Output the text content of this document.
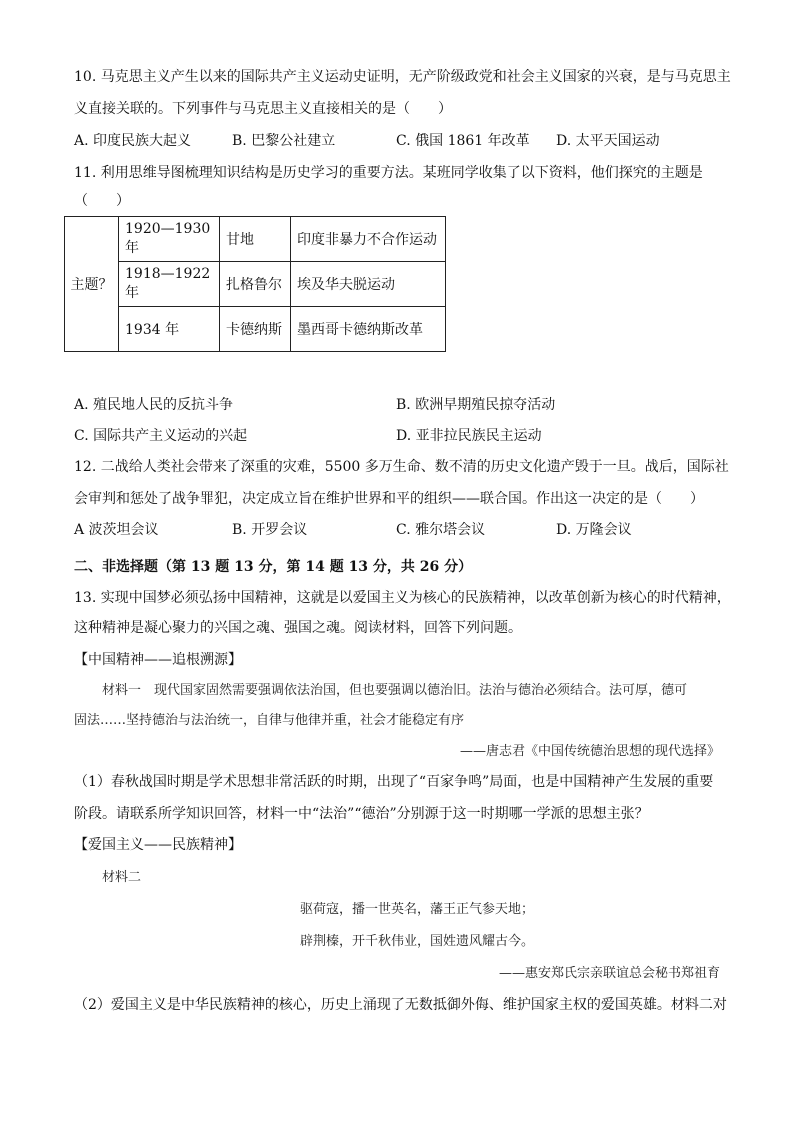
10. 马克思主义产生以来的国际共产主义运动史证明，无产阶级政党和社会主义国家的兴衰，是与马克思主
义直接关联的。下列事件与马克思主义直接相关的是（　　）
A. 印度民族大起义	B. 巴黎公社建立	C. 俄国 1861 年改革 D. 太平天国运动
11. 利用思维导图梳理知识结构是历史学习的重要方法。某班同学收集了以下资料，他们探究的主题是
（　　）
主题？	1920—1930 年	甘地	印度非暴力不合作运动
	1918—1922 年	扎格鲁尔	埃及华夫脱运动
	1934 年	卡德纳斯	墨西哥卡德纳斯改革
A. 殖民地人民的反抗斗争	B. 欧洲早期殖民掠夺活动
C. 国际共产主义运动的兴起	D. 亚非拉民族民主运动
12. 二战给人类社会带来了深重的灾难，5500 多万生命、数不清的历史文化遗产毁于一旦。战后，国际社
会审判和惩处了战争罪犯，决定成立旨在维护世界和平的组织——联合国。作出这一决定的是（　　）
A 波茨坦会议	B. 开罗会议	C. 雅尔塔会议	D. 万隆会议
二、非选择题（第 13 题 13 分，第 14 题 13 分，共 26 分）
13. 实现中国梦必须弘扬中国精神，这就是以爱国主义为核心的民族精神，以改革创新为核心的时代精神，
这种精神是凝心聚力的兴国之魂、强国之魂。阅读材料，回答下列问题。
【中国精神——追根溯源】
材料一　现代国家固然需要强调依法治国，但也要强调以德治旧。法治与德治必须结合。法可厚，德可
固法……坚持德治与法治统一，自律与他律并重，社会才能稳定有序
——唐志君《中国传统德治思想的现代选择》
（1）春秋战国时期是学术思想非常活跃的时期，出现了“百家争鸣”局面，也是中国精神产生发展的重要
阶段。请联系所学知识回答，材料一中“法治”“德治”分别源于这一时期哪一学派的思想主张？
【爱国主义——民族精神】
材料二
驱荷寇，播一世英名，藩王正气参天地；
辟荆榛，开千秋伟业，国姓遗风耀古今。
——惠安郑氏宗亲联谊总会秘书郑祖育
（2）爱国主义是中华民族精神的核心，历史上涌现了无数抵御外侮、维护国家主权的爱国英雄。材料二对
